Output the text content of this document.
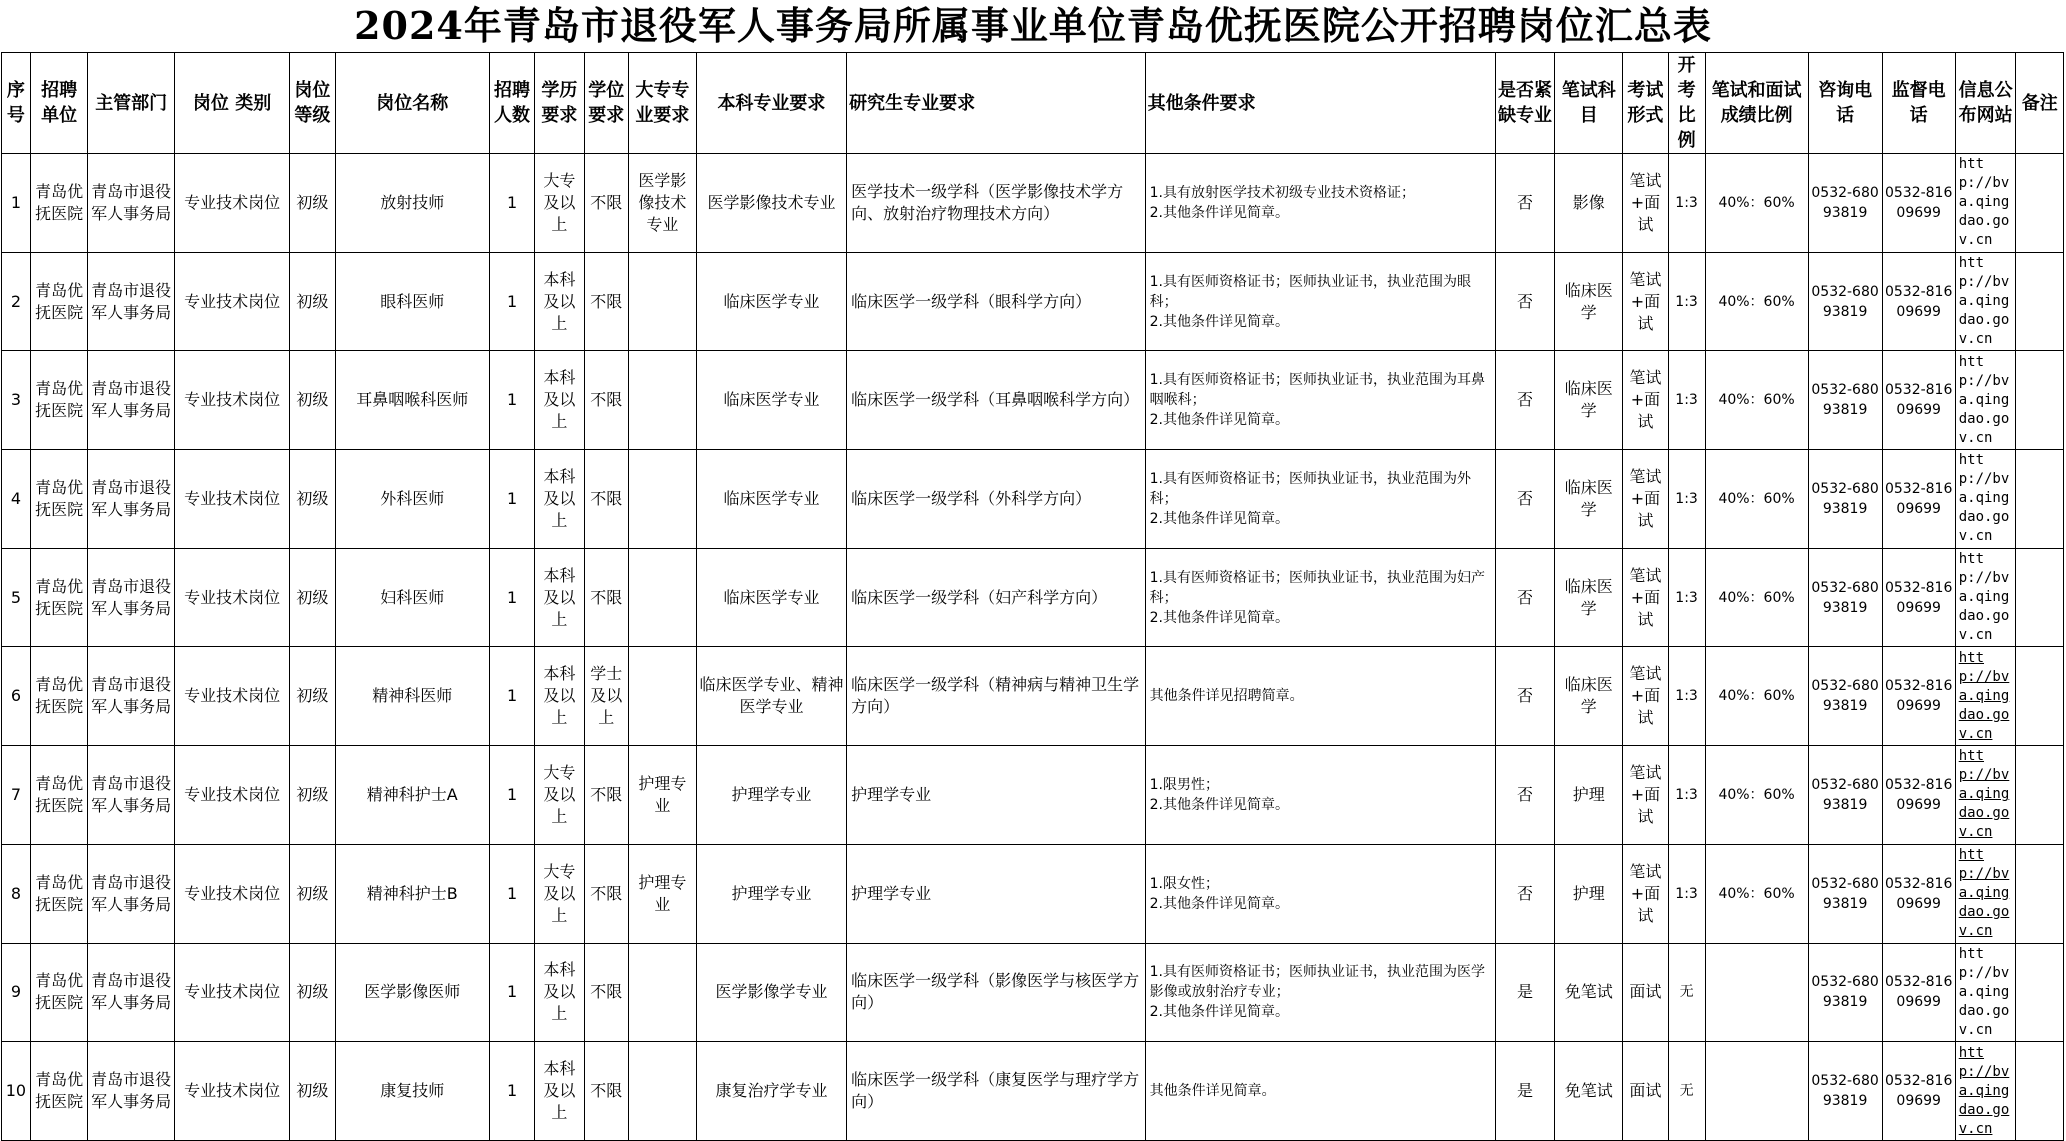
2024年青岛市退役军人事务局所属事业单位青岛优抚医院公开招聘岗位汇总表
序号	招聘单位	主管部门	岗位 类别	岗位等级	岗位名称	招聘人数	学历要求	学位要求	大专专业要求	本科专业要求	研究生专业要求	其他条件要求	是否紧缺专业	笔试科目	考试形式	开考比例	笔试和面试成绩比例	咨询电话	监督电话	信息公布网站	备注
1	青岛优抚医院	青岛市退役军人事务局	专业技术岗位	初级	放射技师	1	大专及以上	不限	医学影像技术专业	医学影像技术专业	医学技术一级学科（医学影像技术学方向、放射治疗物理技术方向）	1.具有放射医学技术初级专业技术资格证；
2.其他条件详见简章。	否	影像	笔试+面试	1:3	40%：60%	0532-68093819	0532-81609699	http://bva.qingdao.gov.cn	
2	青岛优抚医院	青岛市退役军人事务局	专业技术岗位	初级	眼科医师	1	本科及以上	不限		临床医学专业	临床医学一级学科（眼科学方向）	1.具有医师资格证书；医师执业证书，执业范围为眼科；
2.其他条件详见简章。	否	临床医学	笔试+面试	1:3	40%：60%	0532-68093819	0532-81609699	http://bva.qingdao.gov.cn	
3	青岛优抚医院	青岛市退役军人事务局	专业技术岗位	初级	耳鼻咽喉科医师	1	本科及以上	不限		临床医学专业	临床医学一级学科（耳鼻咽喉科学方向）	1.具有医师资格证书；医师执业证书，执业范围为耳鼻咽喉科；
2.其他条件详见简章。	否	临床医学	笔试+面试	1:3	40%：60%	0532-68093819	0532-81609699	http://bva.qingdao.gov.cn	
4	青岛优抚医院	青岛市退役军人事务局	专业技术岗位	初级	外科医师	1	本科及以上	不限		临床医学专业	临床医学一级学科（外科学方向）	1.具有医师资格证书；医师执业证书，执业范围为外科；
2.其他条件详见简章。	否	临床医学	笔试+面试	1:3	40%：60%	0532-68093819	0532-81609699	http://bva.qingdao.gov.cn	
5	青岛优抚医院	青岛市退役军人事务局	专业技术岗位	初级	妇科医师	1	本科及以上	不限		临床医学专业	临床医学一级学科（妇产科学方向）	1.具有医师资格证书；医师执业证书，执业范围为妇产科；
2.其他条件详见简章。	否	临床医学	笔试+面试	1:3	40%：60%	0532-68093819	0532-81609699	http://bva.qingdao.gov.cn	
6	青岛优抚医院	青岛市退役军人事务局	专业技术岗位	初级	精神科医师	1	本科及以上	学士及以上		临床医学专业、精神医学专业	临床医学一级学科（精神病与精神卫生学方向）	其他条件详见招聘简章。	否	临床医学	笔试+面试	1:3	40%：60%	0532-68093819	0532-81609699	http://bva.qingdao.gov.cn	
7	青岛优抚医院	青岛市退役军人事务局	专业技术岗位	初级	精神科护士A	1	大专及以上	不限	护理专业	护理学专业	护理学专业	1.限男性；
2.其他条件详见简章。	否	护理	笔试+面试	1:3	40%：60%	0532-68093819	0532-81609699	http://bva.qingdao.gov.cn	
8	青岛优抚医院	青岛市退役军人事务局	专业技术岗位	初级	精神科护士B	1	大专及以上	不限	护理专业	护理学专业	护理学专业	1.限女性；
2.其他条件详见简章。	否	护理	笔试+面试	1:3	40%：60%	0532-68093819	0532-81609699	http://bva.qingdao.gov.cn	
9	青岛优抚医院	青岛市退役军人事务局	专业技术岗位	初级	医学影像医师	1	本科及以上	不限		医学影像学专业	临床医学一级学科（影像医学与核医学方向）	1.具有医师资格证书；医师执业证书，执业范围为医学影像或放射治疗专业；
2.其他条件详见简章。	是	免笔试	面试	无		0532-68093819	0532-81609699	http://bva.qingdao.gov.cn	
10	青岛优抚医院	青岛市退役军人事务局	专业技术岗位	初级	康复技师	1	本科及以上	不限		康复治疗学专业	临床医学一级学科（康复医学与理疗学方向）	其他条件详见简章。	是	免笔试	面试	无		0532-68093819	0532-81609699	http://bva.qingdao.gov.cn	
